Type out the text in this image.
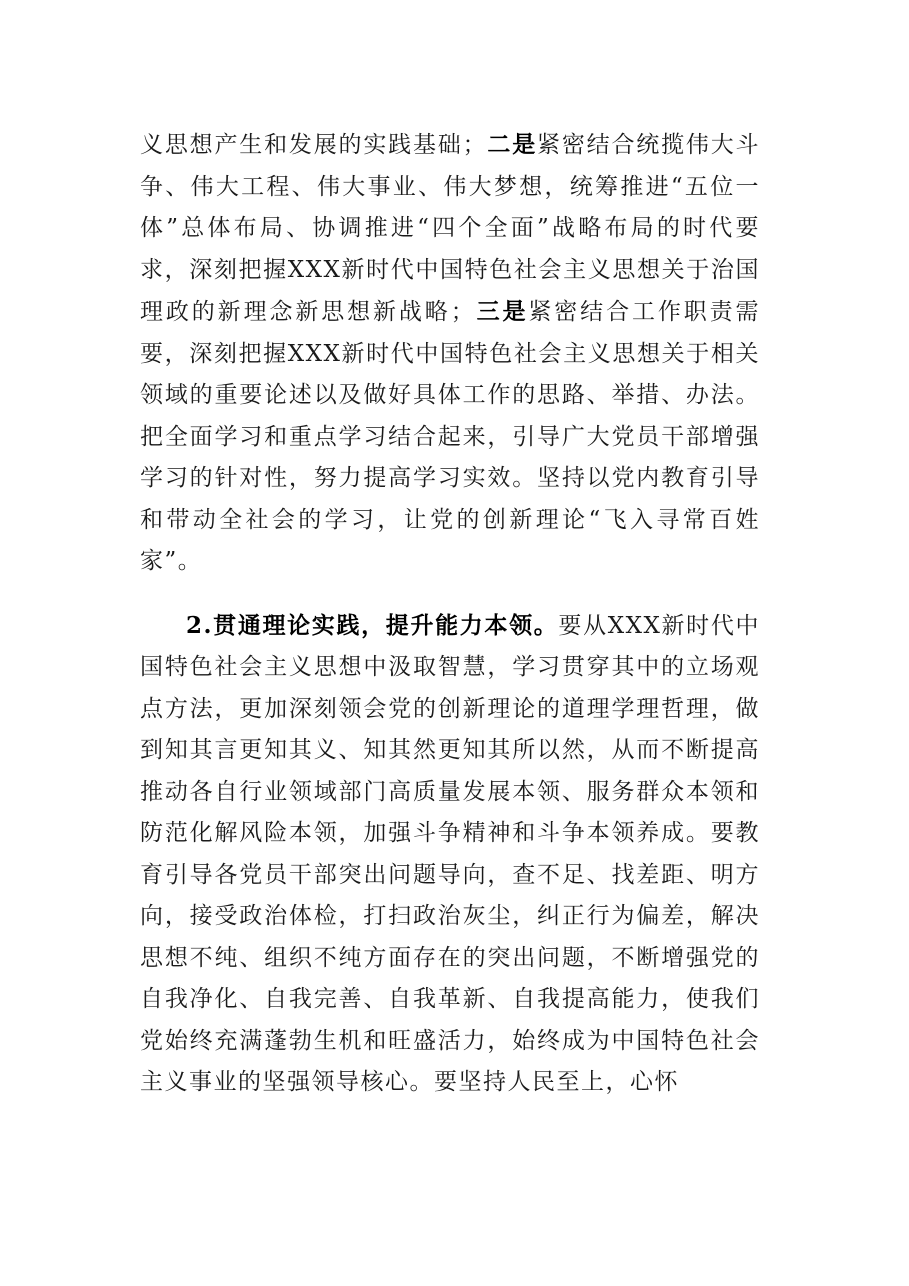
义思想产生和发展的实践基础；二是紧密结合统揽伟大斗争、伟大工程、伟大事业、伟大梦想，统筹推进“五位一体”总体布局、协调推进“四个全面”战略布局的时代要求，深刻把握XXX新时代中国特色社会主义思想关于治国理政的新理念新思想新战略；三是紧密结合工作职责需要，深刻把握XXX新时代中国特色社会主义思想关于相关领域的重要论述以及做好具体工作的思路、举措、办法。把全面学习和重点学习结合起来，引导广大党员干部增强学习的针对性，努力提高学习实效。坚持以党内教育引导和带动全社会的学习，让党的创新理论“飞入寻常百姓家”。

2.贯通理论实践，提升能力本领。要从XXX新时代中国特色社会主义思想中汲取智慧，学习贯穿其中的立场观点方法，更加深刻领会党的创新理论的道理学理哲理，做到知其言更知其义、知其然更知其所以然，从而不断提高推动各自行业领域部门高质量发展本领、服务群众本领和防范化解风险本领，加强斗争精神和斗争本领养成。要教育引导各党员干部突出问题导向，查不足、找差距、明方向，接受政治体检，打扫政治灰尘，纠正行为偏差，解决思想不纯、组织不纯方面存在的突出问题，不断增强党的自我净化、自我完善、自我革新、自我提高能力，使我们党始终充满蓬勃生机和旺盛活力，始终成为中国特色社会主义事业的坚强领导核心。要坚持人民至上，心怀
